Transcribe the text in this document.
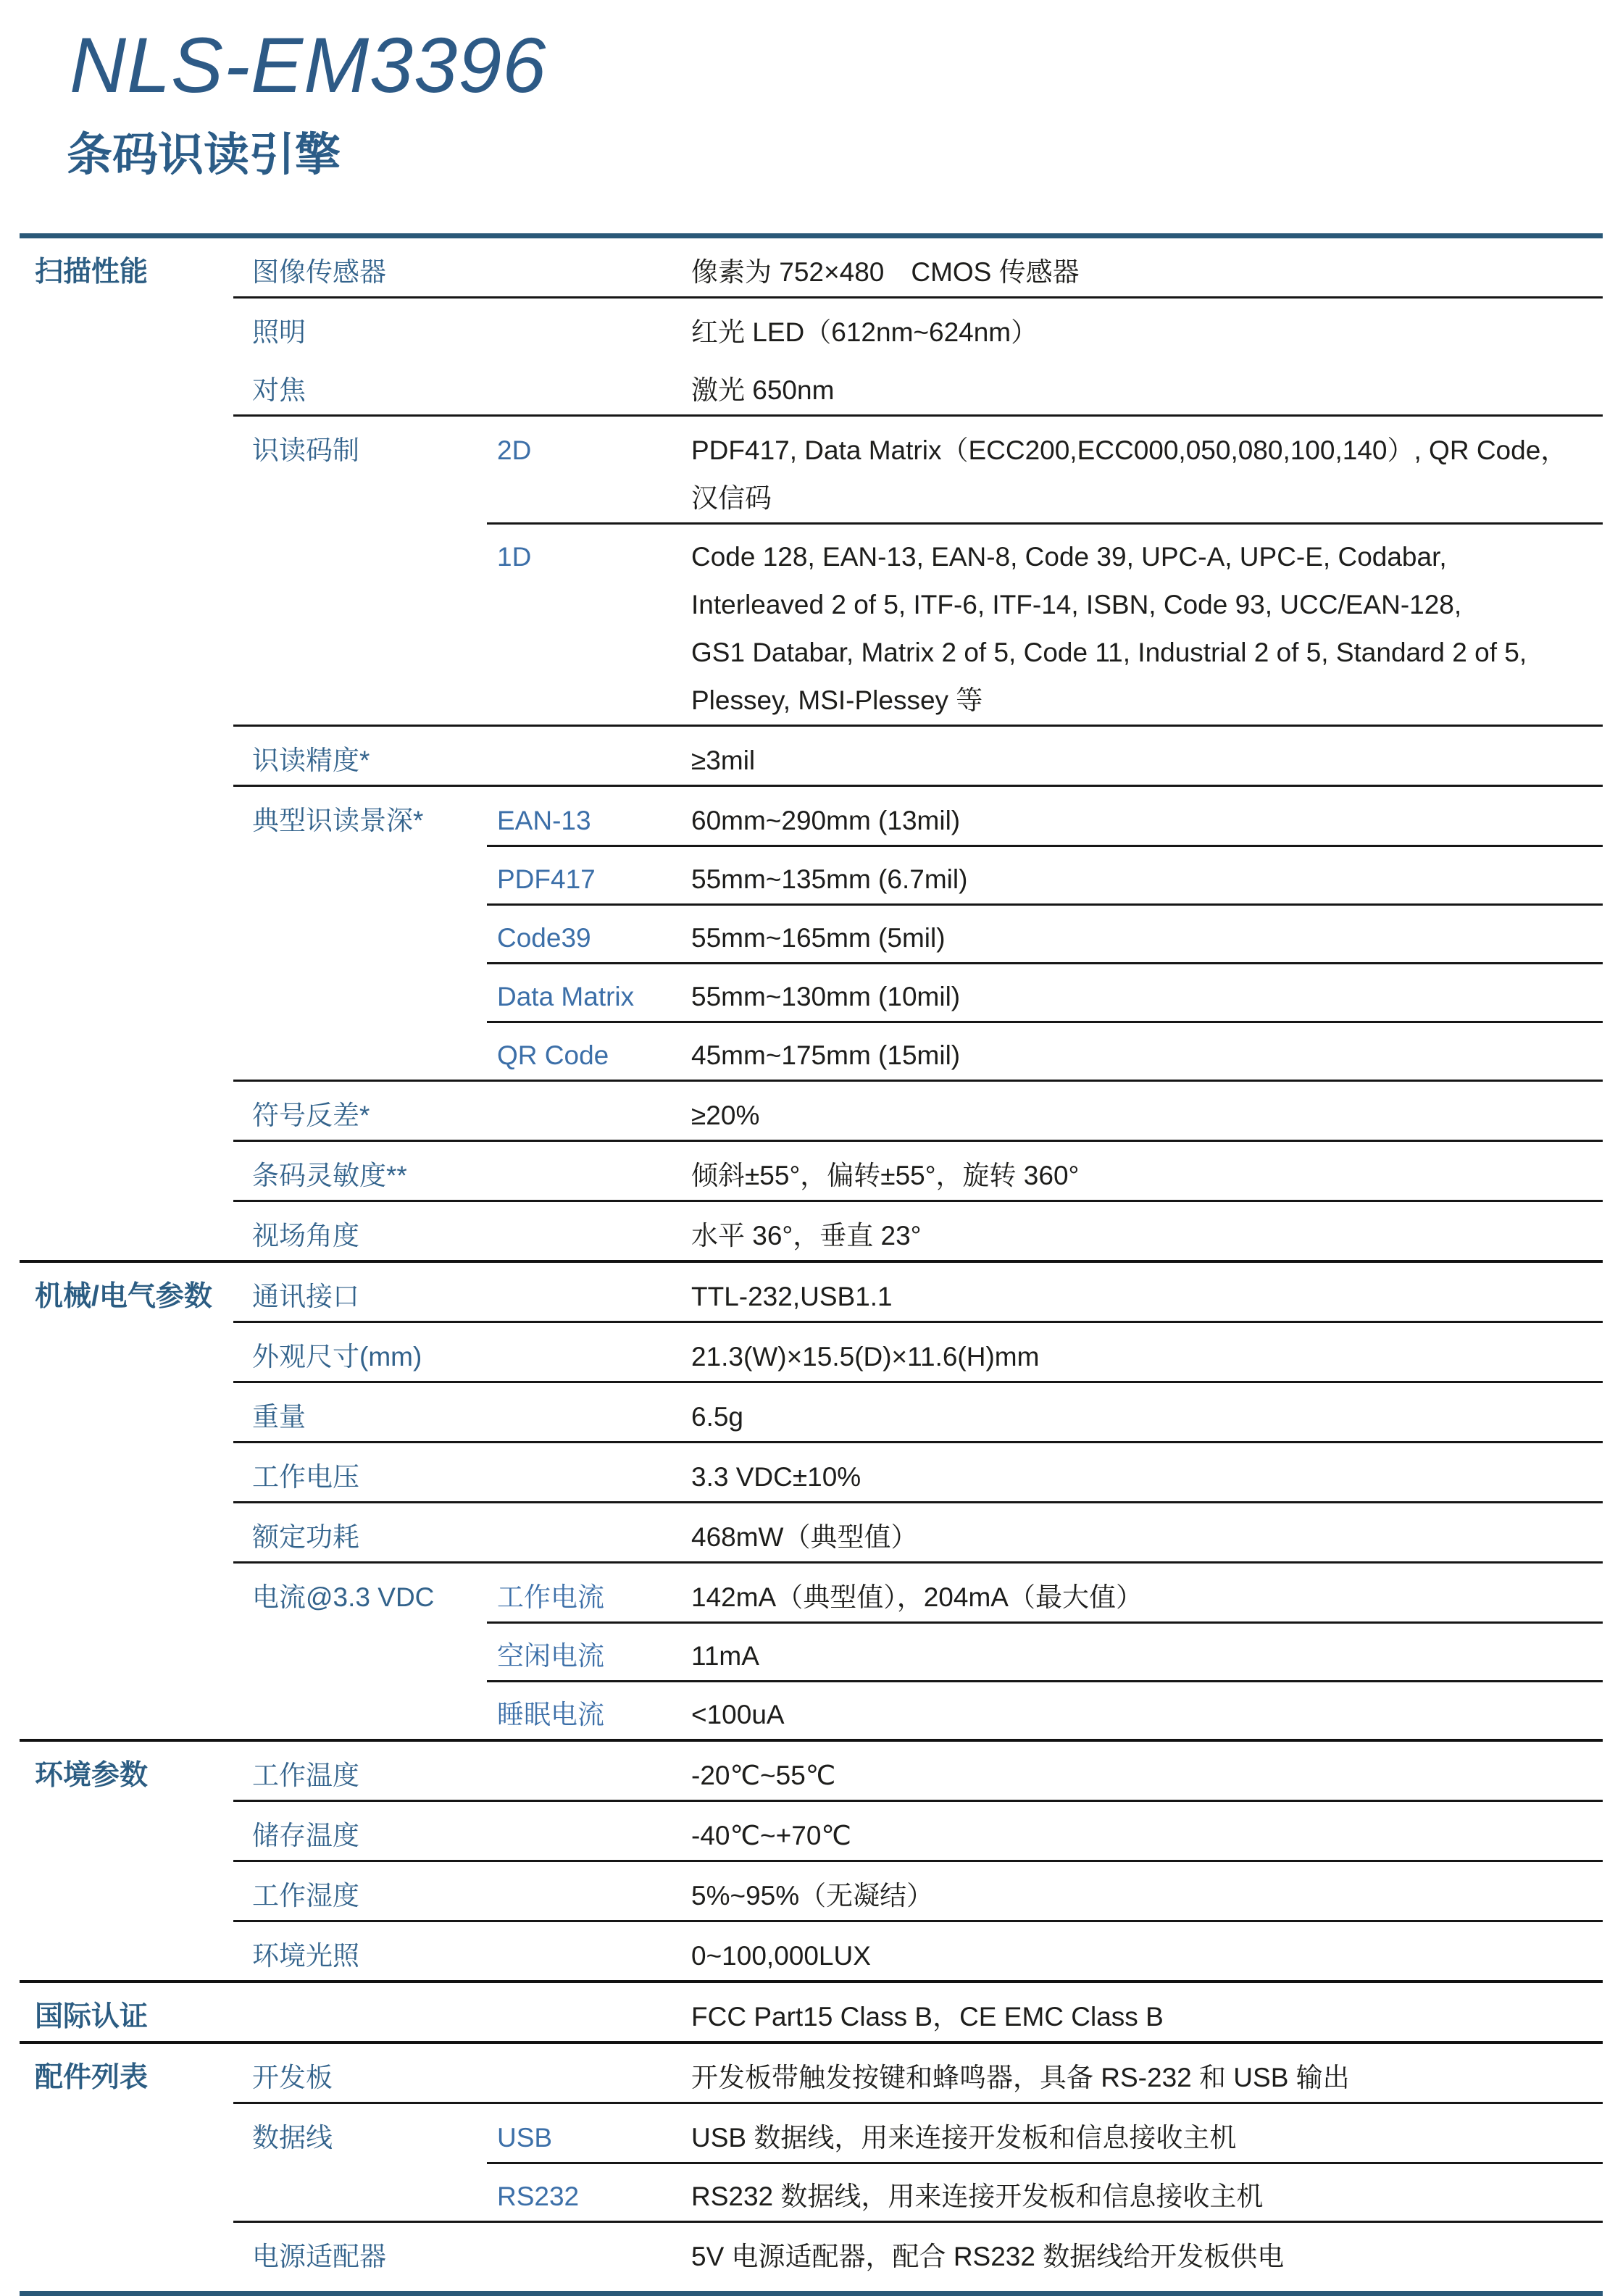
NLS-EM3396
条码识读引擎
扫描性能	图像传感器	像素为 752×480　CMOS 传感器
照明	红光 LED（612nm~624nm）
对焦	激光 650nm
识读码制	2D	PDF417, Data Matrix（ECC200,ECC000,050,080,100,140）, QR Code，
汉信码
1D	Code 128, EAN-13, EAN-8, Code 39, UPC-A, UPC-E, Codabar,
Interleaved 2 of 5, ITF-6, ITF-14, ISBN, Code 93, UCC/EAN-128,
GS1 Databar, Matrix 2 of 5, Code 11, Industrial 2 of 5, Standard 2 of 5,
Plessey, MSI-Plessey 等
识读精度*	≥3mil
典型识读景深*	EAN-13	60mm~290mm (13mil)
PDF417	55mm~135mm (6.7mil)
Code39	55mm~165mm (5mil)
Data Matrix	55mm~130mm (10mil)
QR Code	45mm~175mm (15mil)
符号反差*	≥20%
条码灵敏度**	倾斜±55°，偏转±55°，旋转 360°
视场角度	水平 36°，垂直 23°
机械/电气参数	通讯接口	TTL-232,USB1.1
外观尺寸(mm)	21.3(W)×15.5(D)×11.6(H)mm
重量	6.5g
工作电压	3.3 VDC±10%
额定功耗	468mW（典型值）
电流@3.3 VDC	工作电流	142mA（典型值），204mA（最大值）
空闲电流	11mA
睡眠电流	<100uA
环境参数	工作温度	-20℃~55℃
储存温度	-40℃~+70℃
工作湿度	5%~95%（无凝结）
环境光照	0~100,000LUX
国际认证	FCC Part15 Class B，CE EMC Class B
配件列表	开发板	开发板带触发按键和蜂鸣器，具备 RS-232 和 USB 输出
数据线	USB	USB 数据线，用来连接开发板和信息接收主机
RS232	RS232 数据线，用来连接开发板和信息接收主机
电源适配器	5V 电源适配器，配合 RS232 数据线给开发板供电
